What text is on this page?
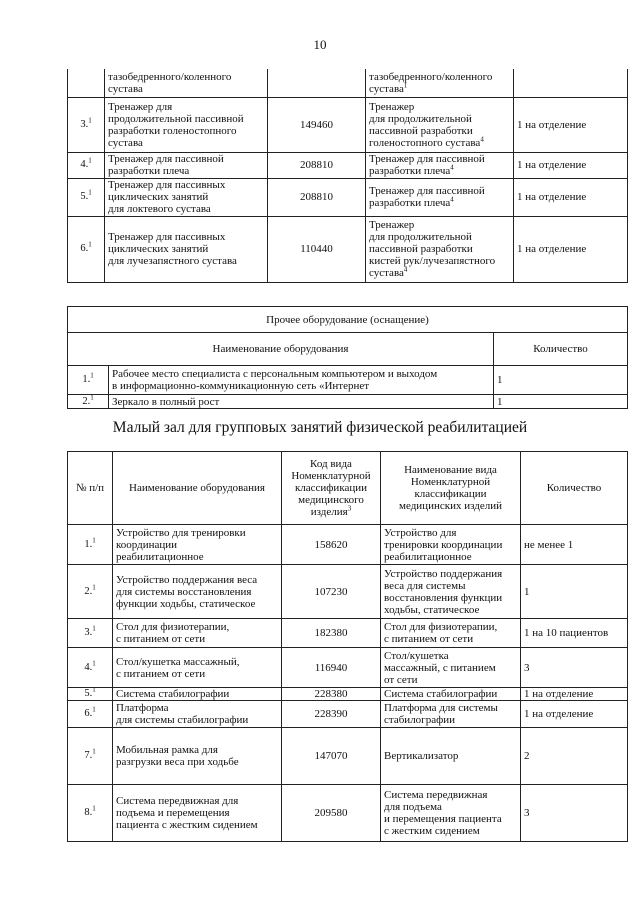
10
	тазобедренного/коленного
сустава		тазобедренного/коленного
сустава$^1$	
3.$^1$	Тренажер для
продолжительной пассивной
разработки голеностопного
сустава	149460	Тренажер
для продолжительной
пассивной разработки
голеностопного сустава$^4$	1 на отделение
4.$^1$	Тренажер для пассивной
разработки плеча	208810	Тренажер для пассивной
разработки плеча$^4$	1 на отделение
5.$^1$	Тренажер для пассивных
циклических занятий
для локтевого сустава	208810	Тренажер для пассивной
разработки плеча$^4$	1 на отделение
6.$^1$	Тренажер для пассивных
циклических занятий
для лучезапястного сустава	110440	Тренажер
для продолжительной
пассивной разработки
кистей рук/лучезапястного
сустава$^4$	1 на отделение
Прочее оборудование (оснащение)		
Наименование оборудования		Количество
1.$^1$	Рабочее место специалиста с персональным компьютером и выходом
в информационно-коммуникационную сеть «Интернет	1
2.$^1$	Зеркало в полный рост	1
Малый зал для групповых занятий физической реабилитацией
№ п/п	Наименование оборудования	Код вида
Номенклатурной
классификации
медицинского
изделия$^3$	Наименование вида
Номенклатурной
классификации
медицинских изделий	Количество
1.$^1$	Устройство для тренировки
координации
реабилитационное	158620	Устройство для
тренировки координации
реабилитационное	не менее 1
2.$^1$	Устройство поддержания веса
для системы восстановления
функции ходьбы, статическое	107230	Устройство поддержания
веса для системы
восстановления функции
ходьбы, статическое	1
3.$^1$	Стол для физиотерапии,
с питанием от сети	182380	Стол для физиотерапии,
с питанием от сети	1 на 10 пациентов
4.$^1$	Стол/кушетка массажный,
с питанием от сети	116940	Стол/кушетка
массажный, с питанием
от сети	3
5.$^1$	Система стабилографии	228380	Система стабилографии	1 на отделение
6.$^1$	Платформа
для системы стабилографии	228390	Платформа для системы
стабилографии	1 на отделение
7.$^1$	Мобильная рамка для
разгрузки веса при ходьбе	147070	Вертикализатор	2
8.$^1$	Система передвижная для
подъема и перемещения
пациента с жестким сидением	209580	Система передвижная
для подъема
и перемещения пациента
с жестким сидением	3
